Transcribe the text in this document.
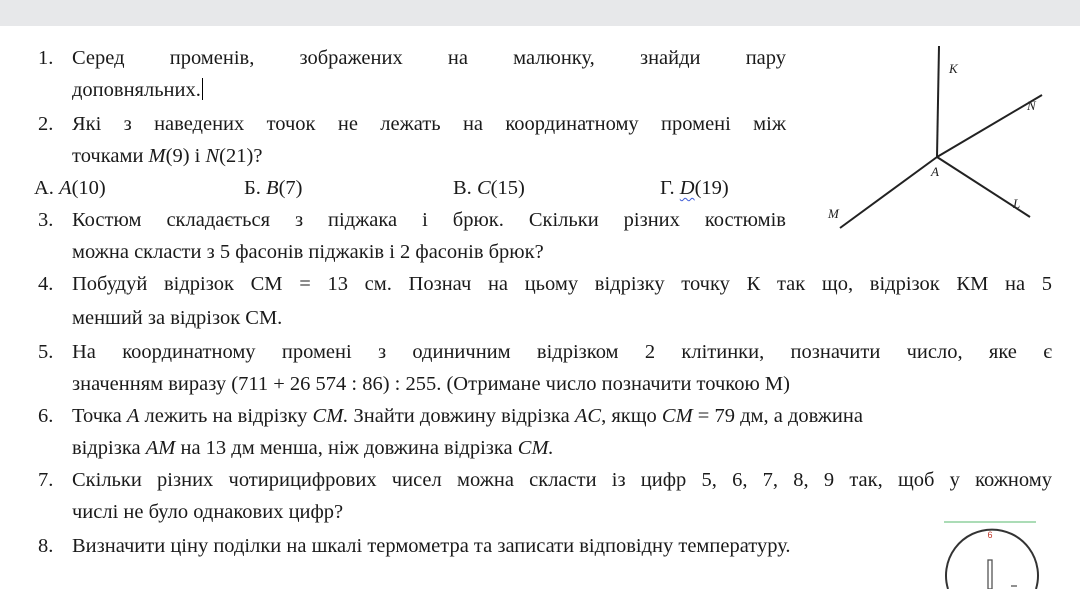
1. Серед променів, зображених на малюнку, знайди пару
доповняльних.
2. Які з наведених точок не лежать на координатному промені між
точками M(9) і N(21)?
А. A(10)	Б. B(7)	В. C(15)	Г. D(19)
3. Костюм складається з піджака і брюк. Скільки різних костюмів
можна скласти з 5 фасонів піджаків і 2 фасонів брюк?
4. Побудуй відрізок СМ = 13 см. Познач на цьому відрізку точку К так що, відрізок КМ на 5
менший за відрізок СМ.
5. На координатному промені з одиничним відрізком 2 клітинки, позначити число, яке є
значенням виразу (711 + 26 574 : 86) : 255. (Отримане число позначити точкою М)
6. Точка A лежить на відрізку CM. Знайти довжину відрізка AC, якщо CM = 79 дм, а довжина
відрізка AM на 13 дм менша, ніж довжина відрізка CM.
7. Скільки різних чотирицифрових чисел можна скласти із цифр 5, 6, 7, 8, 9 так, щоб у кожному
числі не було однакових цифр?
8. Визначити ціну поділки на шкалі термометра та записати відповідну температуру.
K
N
A
L
M
6
